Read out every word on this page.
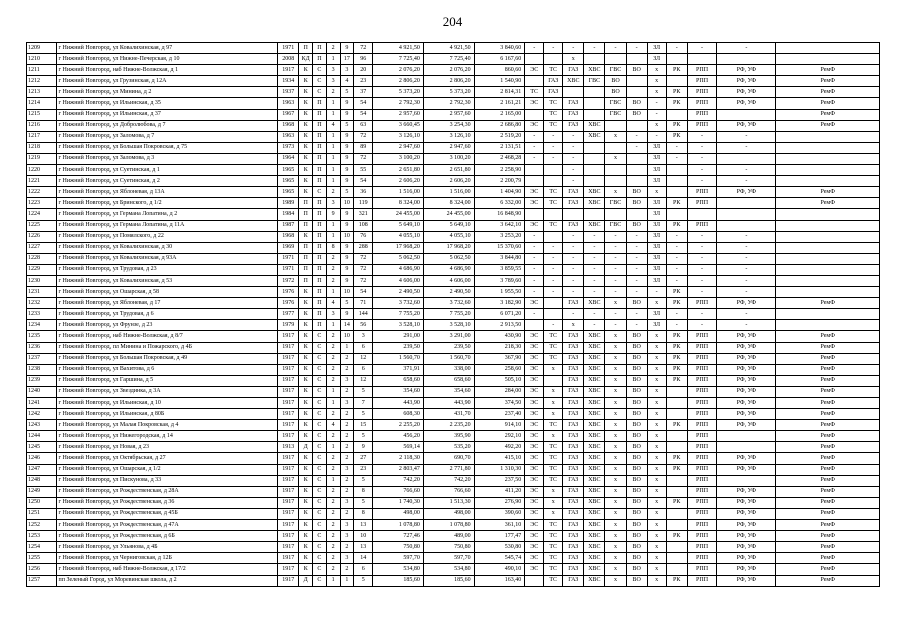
204
1209	г Нижний Новгород, ул Ковалихинская, д 97	1971	П	П	2	9	72	4 921,50	4 921,50	3 840,60	-	-	-	-	-	-	ЗЛ	-	-	-	
1210	г Нижний Новгород, ул Нижне-Печерская, д 10	2008	КД	П	1	17	96	7 725,40	7 725,40	6 167,60			х				ЗЛ				
1211	г Нижний Новгород, наб Нижне-Волжская, д 1	1917	К	С	3	3	20	2 076,20	2 076,20	860,60	ЭС	ТС	ГАЗ	ХВС	ГВС	ВО	х	РК	РПП	РФ, УФ	РемФ
1212	г Нижний Новгород, ул Грузинская, д 12А	1934	К	С	3	4	23	2 806,20	2 806,20	1 540,90		ГАЗ	ХВС	ГВС	ВО		х		РПП	РФ, УФ	РемФ
1213	г Нижний Новгород, ул Минина, д 2	1937	К	С	2	5	37	5 373,20	5 373,20	2 814,31	ТС	ГАЗ			ВО		х	РК	РПП	РФ, УФ	РемФ
1214	г Нижний Новгород, ул Ильинская, д 35	1963	К	П	1	9	54	2 792,30	2 792,30	2 161,21	ЭС	ТС	ГАЗ		ГВС	ВО	-	РК	РПП	РФ, УФ	РемФ
1215	г Нижний Новгород, ул Ильинская, д 37	1967	К	П	1	9	54	2 957,60	2 957,60	2 165,00		ТС	ГАЗ		ГВС	ВО	-		РПП		РемФ
1216	г Нижний Новгород, ул Добролюбова, д 7	1968	К	П	4	5	63	3 660,45	3 254,30	2 686,80	ЭС	ТС	ГАЗ	ХВС			х	РК	РПП	РФ, УФ	РемФ
1217	г Нижний Новгород, ул Заломова, д 7	1963	К	П	1	9	72	3 126,10	3 126,10	2 519,20	-	-	-	ХВС	х	-	-	РК	-	-	
1218	г Нижний Новгород, ул Большая Покровская, д 75	1973	К	П	1	9	89	2 947,60	2 947,60	2 131,51	-	-	-			-	ЗЛ	-	-	-	
1219	г Нижний Новгород, ул Заломова, д 3	1964	К	П	1	9	72	3 100,20	3 100,20	2 468,28	-	-	-		х		ЗЛ	-	-		
1220	г Нижний Новгород, ул Суетинская, д 1	1965	К	П	1	9	55	2 651,80	2 651,80	2 258,90			-				ЗЛ		-	-	
1221	г Нижний Новгород, ул Суетинская, д 2	1965	К	П	1	9	54	2 606,20	2 606,20	2 200,79			-				ЗЛ		-	-	
1222	г Нижний Новгород, ул Яблоневая, д 13А	1965	К	С	2	5	36	1 516,00	1 516,00	1 404,90	ЭС	ТС	ГАЗ	ХВС	х	ВО	х		РПП	РФ, УФ	РемФ
1223	г Нижний Новгород, ул Бринского, д 1/2	1989	П	П	3	10	119	8 324,00	8 324,00	6 332,00	ЭС	ТС	ГАЗ	ХВС	ГВС	ВО	ЗЛ	РК	РПП		РемФ
1224	г Нижний Новгород, ул Германа Лопатина, д 2	1984	П	П	9	9	321	24 455,00	24 455,00	16 848,90							ЗЛ				
1225	г Нижний Новгород, ул Германа Лопатина, д 11А	1987	П	П	1	9	108	5 649,10	5 649,10	3 642,10	ЭС	ТС	ГАЗ	ХВС	ГВС	ВО	ЗЛ	РК	РПП		
1226	г Нижний Новгород, ул Помялского, д 22	1968	К	П	1	10	76	4 055,10	4 055,10	3 253,20	-		-	-	-	-	ЗЛ	-	-	-	
1227	г Нижний Новгород, ул Ковалихинская, д 30	1969	П	П	8	9	288	17 968,20	17 968,20	15 370,60	-	-	-	-	-	-	ЗЛ	-	-	-	
1228	г Нижний Новгород, ул Ковалихинская, д 93А	1971	П	П	2	9	72	5 062,50	5 062,50	3 844,80	-	-	-	-	-	-	ЗЛ	-	-	-	
1229	г Нижний Новгород, ул Трудовая, д 23	1971	П	П	2	9	72	4 686,90	4 686,90	3 859,55	-	-	-	-	-	-	ЗЛ	-	-	-	
1230	г Нижний Новгород, ул Ковалихинская, д 53	1972	П	П	2	9	72	4 606,00	4 606,00	3 789,60	-	-	-	-	-	-	ЗЛ	-	-	-	
1231	г Нижний Новгород, ул Ошарская, д 58	1976	К	П	1	10	54	2 490,50	2 490,50	1 955,50	-	-	-	-	-	-	-	РК	-	-	
1232	г Нижний Новгород, ул Яблоневая, д 17	1976	К	П	4	5	71	3 732,60	3 732,60	3 182,90	ЭС		ГАЗ	ХВС	х	ВО	х	РК	РПП	РФ, УФ	РемФ
1233	г Нижний Новгород, ул Трудовая, д 6	1977	К	П	3	9	144	7 755,20	7 755,20	6 071,20	-		-	-	-	-	ЗЛ	-	-	-	
1234	г Нижний Новгород, ул Фрунзе, д 23	1979	К	П	1	14	56	3 528,10	3 528,10	2 913,50		-	х	-	-	-	ЗЛ	-	-	-	
1235	г Нижний Новгород, наб Нижне-Волжская, д 8/7	1917	К	С	2	10	3	291,00	3 291,00	430,90	ЭС	ТС	ГАЗ	ХВС	х	ВО	х	РК	РПП	РФ, УФ	РемФ
1236	г Нижний Новгород, пл Минина и Пожарского, д 4Б	1917	К	С	2	1	6	239,50	239,50	218,30	ЭС	ТС	ГАЗ	ХВС	х	ВО	х	РК	РПП	РФ, УФ	РемФ
1237	г Нижний Новгород, ул Большая Покровская, д 49	1917	К	С	2	2	12	1 560,70	1 560,70	367,90	ЭС	ТС	ГАЗ	ХВС	х	ВО	х	РК	РПП	РФ, УФ	РемФ
1238	г Нижний Новгород, ул Вахитова, д 6	1917	К	С	2	2	6	371,91	338,00	258,60	ЭС	х	ГАЗ	ХВС	х	ВО	х	РК	РПП	РФ, УФ	РемФ
1239	г Нижний Новгород, ул Гаршина, д 5	1917	К	С	2	3	12	658,60	658,60	505,10	ЭС		ГАЗ	ХВС	х	ВО	х	РК	РПП	РФ, УФ	РемФ
1240	г Нижний Новгород, ул Звездинка, д 3А	1917	К	С	1	2	5	354,60	354,60	284,00	ЭС	х	ГАЗ	ХВС	х	ВО	х		РПП	РФ, УФ	РемФ
1241	г Нижний Новгород, ул Ильинская, д 10	1917	К	С	1	3	7	443,90	443,90	374,50	ЭС	х	ГАЗ	ХВС	х	ВО	х		РПП	РФ, УФ	РемФ
1242	г Нижний Новгород, ул Ильинская, д 80Б	1917	К	С	2	2	5	608,30	431,70	237,40	ЭС	х	ГАЗ	ХВС	х	ВО	х		РПП	РФ, УФ	РемФ
1243	г Нижний Новгород, ул Малая Покровская, д 4	1917	К	С	4	2	15	2 255,20	2 235,20	914,10	ЭС	ТС	ГАЗ	ХВС	х	ВО	х	РК	РПП	РФ, УФ	РемФ
1244	г Нижний Новгород, ул Нижегородская, д 14	1917	К	С	2	2	5	456,20	395,90	292,10	ЭС	х	ГАЗ	ХВС	х	ВО	х		РПП		РемФ
1245	г Нижний Новгород, ул Новая, д 23	1913	Д	С	1	2	9	569,14	535,20	492,20	ЭС	ТС	ГАЗ	ХВС	х	ВО	х		РПП		РемФ
1246	г Нижний Новгород, ул Октябрьская, д 27	1917	К	С	2	2	27	2 118,30	690,70	415,10	ЭС	ТС	ГАЗ	ХВС	х	ВО	х	РК	РПП	РФ, УФ	РемФ
1247	г Нижний Новгород, ул Ошарская, д 1/2	1917	К	С	2	3	23	2 803,47	2 771,80	1 310,30	ЭС	ТС	ГАЗ	ХВС	х	ВО	х	РК	РПП	РФ, УФ	РемФ
1248	г Нижний Новгород, ул Пискунова, д 33	1917	К	С	1	2	5	742,20	742,20	237,50	ЭС	ТС	ГАЗ	ХВС	х	ВО	х		РПП		РемФ
1249	г Нижний Новгород, ул Рождественская, д 28А	1917	К	С	2	2	8	766,60	766,60	411,20	ЭС	х	ГАЗ	ХВС	х	ВО	х		РПП	РФ, УФ	РемФ
1250	г Нижний Новгород, ул Рождественская, д 36	1917	К	С	2	3	5	1 740,30	1 513,30	276,90	ЭС	х	ГАЗ	ХВС	х	ВО	х	РК	РПП	РФ, УФ	РемФ
1251	г Нижний Новгород, ул Рождественская, д 45Б	1917	К	С	2	2	8	498,00	498,00	390,60	ЭС	х	ГАЗ	ХВС	х	ВО	х		РПП	РФ, УФ	РемФ
1252	г Нижний Новгород, ул Рождественская, д 47А	1917	К	С	2	3	13	1 078,80	1 078,80	361,10	ЭС	ТС	ГАЗ	ХВС	х	ВО	х		РПП	РФ, УФ	РемФ
1253	г Нижний Новгород, ул Рождественская, д 6Б	1917	К	С	2	3	10	727,46	489,00	177,47	ЭС	ТС	ГАЗ	ХВС	х	ВО	х	РК	РПП	РФ, УФ	РемФ
1254	г Нижний Новгород, ул Ульянова, д 4Б	1917	К	С	2	2	13	750,80	750,80	530,80	ЭС	ТС	ГАЗ	ХВС	х	ВО	х		РПП	РФ, УФ	РемФ
1255	г Нижний Новгород, ул Черниговская, д 12Б	1917	К	С	2	3	14	597,70	597,70	545,74	ЭС	ТС	ГАЗ	ХВС	х	ВО	х		РПП	РФ, УФ	РемФ
1256	г Нижний Новгород, наб Нижне-Волжская, д 17/2	1917	К	С	2	2	6	534,80	534,80	490,10	ЭС	ТС	ГАЗ	ХВС	х	ВО	х		РПП	РФ, УФ	РемФ
1257	пп Зеленый Город, ул Моревинская школа, д 2	1917	Д	С	1	1	5	185,60	185,60	163,40		ТС	ГАЗ	ХВС	х	ВО	х	РК	РПП	РФ, УФ	РемФ
